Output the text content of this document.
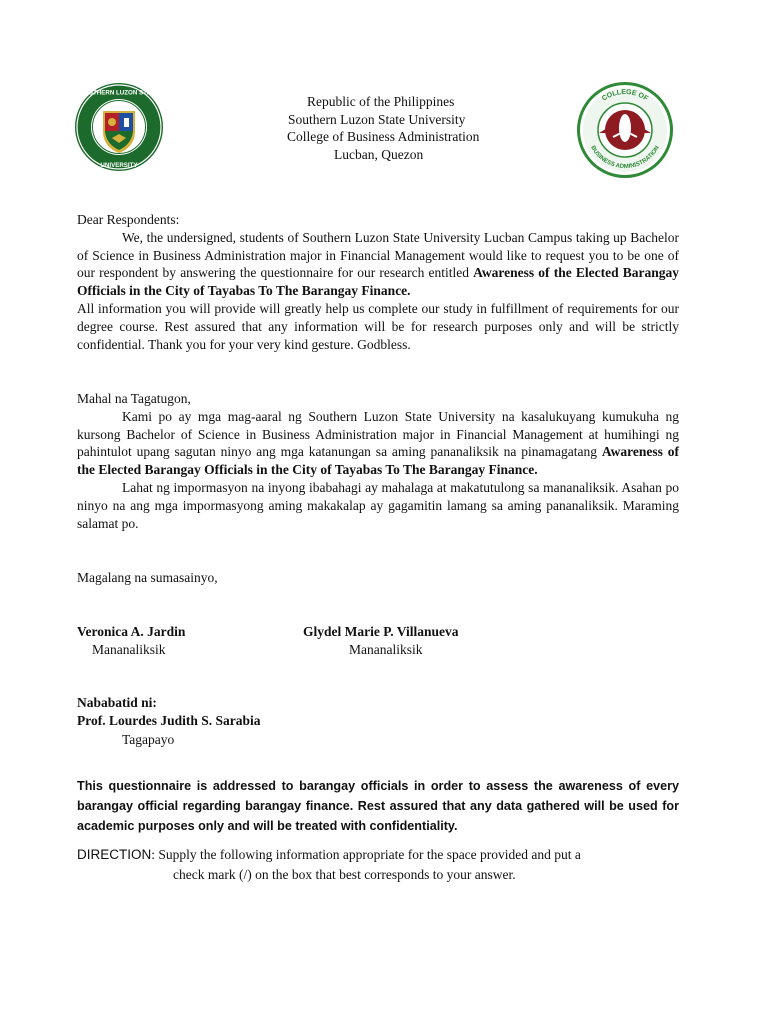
SOUTHERN LUZON STATE
UNIVERSITY
1964
Republic of the Philippines
Southern Luzon State University
College of Business Administration
Lucban, Quezon
COLLEGE OF
BUSINESS ADMINISTRATION
Dear Respondents:

We, the undersigned, students of Southern Luzon State University Lucban Campus taking up Bachelor of Science in Business Administration major in Financial Management would like to request you to be one of our respondent by answering the questionnaire for our research entitled Awareness of the Elected Barangay Officials in the City of Tayabas To The Barangay Finance.

All information you will provide will greatly help us complete our study in fulfillment of requirements for our degree course. Rest assured that any information will be for research purposes only and will be strictly confidential. Thank you for your very kind gesture. Godbless.

Mahal na Tagatugon,

Kami po ay mga mag-aaral ng Southern Luzon State University na kasalukuyang kumukuha ng kursong Bachelor of Science in Business Administration major in Financial Management at humihingi ng pahintulot upang sagutan ninyo ang mga katanungan sa aming pananaliksik na pinamagatang Awareness of the Elected Barangay Officials in the City of Tayabas To The Barangay Finance.

Lahat ng impormasyon na inyong ibabahagi ay mahalaga at makatutulong sa mananaliksik. Asahan po ninyo na ang mga impormasyong aming makakalap ay gagamitin lamang sa aming pananaliksik. Maraming salamat po.

Magalang na sumasainyo,
Veronica A. Jardin
Mananaliksik
Glydel Marie P. Villanueva
Mananaliksik
Nababatid ni:
Prof. Lourdes Judith S. Sarabia
Tagapayo
This questionnaire is addressed to barangay officials in order to assess the awareness of every barangay official regarding barangay finance. Rest assured that any data gathered will be used for academic purposes only and will be treated with confidentiality.
DIRECTION: Supply the following information appropriate for the space provided and put a
check mark (/) on the box that best corresponds to your answer.
